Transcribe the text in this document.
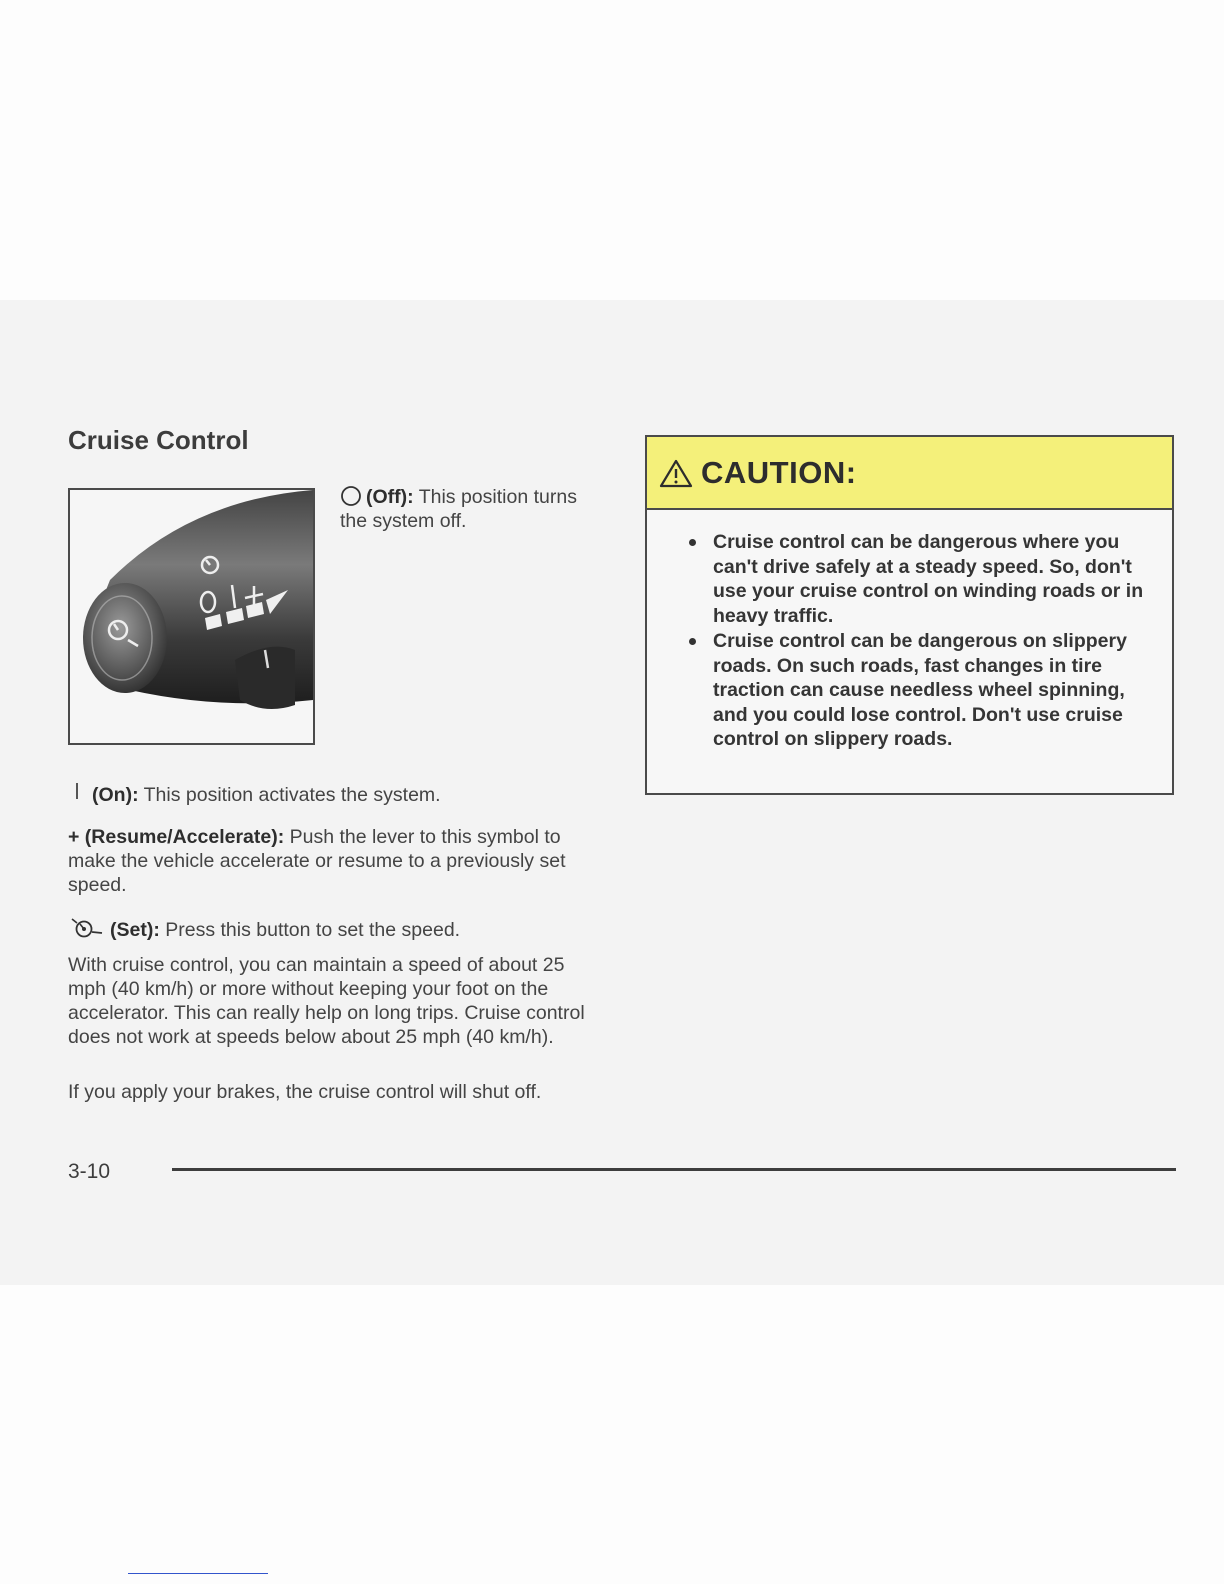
Cruise Control

(Off): This position turns the system off.

(On): This position activates the system.

+ (Resume/Accelerate): Push the lever to this symbol to make the vehicle accelerate or resume to a previously set speed.

(Set): Press this button to set the speed.

With cruise control, you can maintain a speed of about 25 mph (40 km/h) or more without keeping your foot on the accelerator. This can really help on long trips. Cruise control does not work at speeds below about 25 mph (40 km/h).

If you apply your brakes, the cruise control will shut off.

CAUTION:
Cruise control can be dangerous where you can't drive safely at a steady speed. So, don't use your cruise control on winding roads or in heavy traffic.
Cruise control can be dangerous on slippery roads. On such roads, fast changes in tire traction can cause needless wheel spinning, and you could lose control. Don't use cruise control on slippery roads.
3-10
